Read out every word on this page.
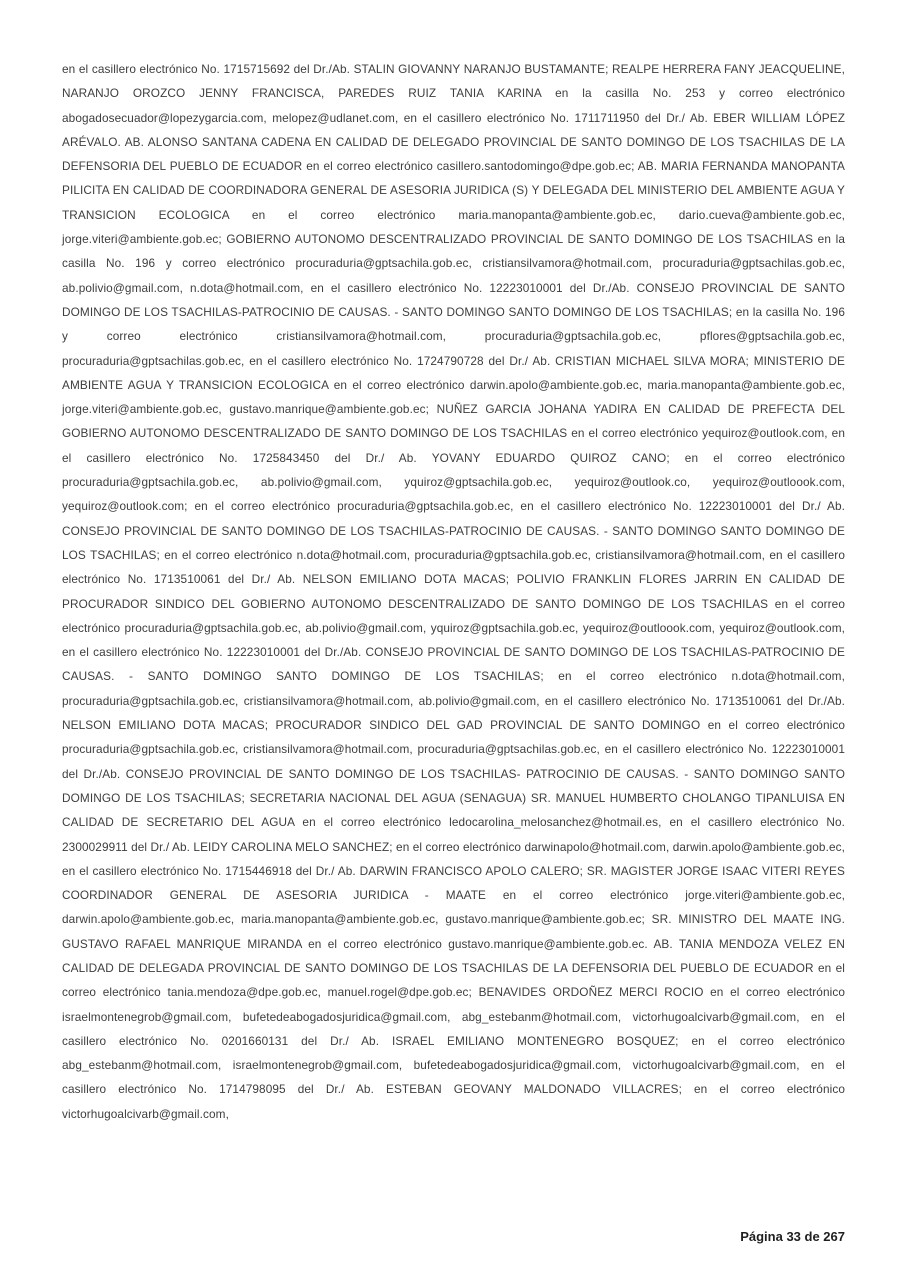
en el casillero electrónico No. 1715715692 del Dr./Ab. STALIN GIOVANNY NARANJO BUSTAMANTE; REALPE HERRERA FANY JEACQUELINE, NARANJO OROZCO JENNY FRANCISCA, PAREDES RUIZ TANIA KARINA en la casilla No. 253 y correo electrónico abogadosecuador@lopezygarcia.com, melopez@udlanet.com, en el casillero electrónico No. 1711711950 del Dr./ Ab. EBER WILLIAM LÓPEZ ARÉVALO. AB. ALONSO SANTANA CADENA EN CALIDAD DE DELEGADO PROVINCIAL DE SANTO DOMINGO DE LOS TSACHILAS DE LA DEFENSORIA DEL PUEBLO DE ECUADOR en el correo electrónico casillero.santodomingo@dpe.gob.ec; AB. MARIA FERNANDA MANOPANTA PILICITA EN CALIDAD DE COORDINADORA GENERAL DE ASESORIA JURIDICA (S) Y DELEGADA DEL MINISTERIO DEL AMBIENTE AGUA Y TRANSICION ECOLOGICA en el correo electrónico maria.manopanta@ambiente.gob.ec, dario.cueva@ambiente.gob.ec, jorge.viteri@ambiente.gob.ec; GOBIERNO AUTONOMO DESCENTRALIZADO PROVINCIAL DE SANTO DOMINGO DE LOS TSACHILAS en la casilla No. 196 y correo electrónico procuraduria@gptsachila.gob.ec, cristiansilvamora@hotmail.com, procuraduria@gptsachilas.gob.ec, ab.polivio@gmail.com, n.dota@hotmail.com, en el casillero electrónico No. 12223010001 del Dr./Ab. CONSEJO PROVINCIAL DE SANTO DOMINGO DE LOS TSACHILAS-PATROCINIO DE CAUSAS. - SANTO DOMINGO SANTO DOMINGO DE LOS TSACHILAS; en la casilla No. 196 y correo electrónico cristiansilvamora@hotmail.com, procuraduria@gptsachila.gob.ec, pflores@gptsachila.gob.ec, procuraduria@gptsachilas.gob.ec, en el casillero electrónico No. 1724790728 del Dr./ Ab. CRISTIAN MICHAEL SILVA MORA; MINISTERIO DE AMBIENTE AGUA Y TRANSICION ECOLOGICA en el correo electrónico darwin.apolo@ambiente.gob.ec, maria.manopanta@ambiente.gob.ec, jorge.viteri@ambiente.gob.ec, gustavo.manrique@ambiente.gob.ec; NUÑEZ GARCIA JOHANA YADIRA EN CALIDAD DE PREFECTA DEL GOBIERNO AUTONOMO DESCENTRALIZADO DE SANTO DOMINGO DE LOS TSACHILAS en el correo electrónico yequiroz@outlook.com, en el casillero electrónico No. 1725843450 del Dr./ Ab. YOVANY EDUARDO QUIROZ CANO; en el correo electrónico procuraduria@gptsachila.gob.ec, ab.polivio@gmail.com, yquiroz@gptsachila.gob.ec, yequiroz@outlook.co, yequiroz@outloook.com, yequiroz@outlook.com; en el correo electrónico procuraduria@gptsachila.gob.ec, en el casillero electrónico No. 12223010001 del Dr./ Ab. CONSEJO PROVINCIAL DE SANTO DOMINGO DE LOS TSACHILAS-PATROCINIO DE CAUSAS. - SANTO DOMINGO SANTO DOMINGO DE LOS TSACHILAS; en el correo electrónico n.dota@hotmail.com, procuraduria@gptsachila.gob.ec, cristiansilvamora@hotmail.com, en el casillero electrónico No. 1713510061 del Dr./ Ab. NELSON EMILIANO DOTA MACAS; POLIVIO FRANKLIN FLORES JARRIN EN CALIDAD DE PROCURADOR SINDICO DEL GOBIERNO AUTONOMO DESCENTRALIZADO DE SANTO DOMINGO DE LOS TSACHILAS en el correo electrónico procuraduria@gptsachila.gob.ec, ab.polivio@gmail.com, yquiroz@gptsachila.gob.ec, yequiroz@outloook.com, yequiroz@outlook.com, en el casillero electrónico No. 12223010001 del Dr./Ab. CONSEJO PROVINCIAL DE SANTO DOMINGO DE LOS TSACHILAS-PATROCINIO DE CAUSAS. - SANTO DOMINGO SANTO DOMINGO DE LOS TSACHILAS; en el correo electrónico n.dota@hotmail.com, procuraduria@gptsachila.gob.ec, cristiansilvamora@hotmail.com, ab.polivio@gmail.com, en el casillero electrónico No. 1713510061 del Dr./Ab. NELSON EMILIANO DOTA MACAS; PROCURADOR SINDICO DEL GAD PROVINCIAL DE SANTO DOMINGO en el correo electrónico procuraduria@gptsachila.gob.ec, cristiansilvamora@hotmail.com, procuraduria@gptsachilas.gob.ec, en el casillero electrónico No. 12223010001 del Dr./Ab. CONSEJO PROVINCIAL DE SANTO DOMINGO DE LOS TSACHILAS- PATROCINIO DE CAUSAS. - SANTO DOMINGO SANTO DOMINGO DE LOS TSACHILAS; SECRETARIA NACIONAL DEL AGUA (SENAGUA) SR. MANUEL HUMBERTO CHOLANGO TIPANLUISA EN CALIDAD DE SECRETARIO DEL AGUA en el correo electrónico ledocarolina_melosanchez@hotmail.es, en el casillero electrónico No. 2300029911 del Dr./ Ab. LEIDY CAROLINA MELO SANCHEZ; en el correo electrónico darwinapolo@hotmail.com, darwin.apolo@ambiente.gob.ec, en el casillero electrónico No. 1715446918 del Dr./ Ab. DARWIN FRANCISCO APOLO CALERO; SR. MAGISTER JORGE ISAAC VITERI REYES COORDINADOR GENERAL DE ASESORIA JURIDICA - MAATE en el correo electrónico jorge.viteri@ambiente.gob.ec, darwin.apolo@ambiente.gob.ec, maria.manopanta@ambiente.gob.ec, gustavo.manrique@ambiente.gob.ec; SR. MINISTRO DEL MAATE ING. GUSTAVO RAFAEL MANRIQUE MIRANDA en el correo electrónico gustavo.manrique@ambiente.gob.ec. AB. TANIA MENDOZA VELEZ EN CALIDAD DE DELEGADA PROVINCIAL DE SANTO DOMINGO DE LOS TSACHILAS DE LA DEFENSORIA DEL PUEBLO DE ECUADOR en el correo electrónico tania.mendoza@dpe.gob.ec, manuel.rogel@dpe.gob.ec; BENAVIDES ORDOÑEZ MERCI ROCIO en el correo electrónico israelmontenegrob@gmail.com, bufetedeabogadosjuridica@gmail.com, abg_estebanm@hotmail.com, victorhugoalcivarb@gmail.com, en el casillero electrónico No. 0201660131 del Dr./ Ab. ISRAEL EMILIANO MONTENEGRO BOSQUEZ; en el correo electrónico abg_estebanm@hotmail.com, israelmontenegrob@gmail.com, bufetedeabogadosjuridica@gmail.com, victorhugoalcivarb@gmail.com, en el casillero electrónico No. 1714798095 del Dr./ Ab. ESTEBAN GEOVANY MALDONADO VILLACRES; en el correo electrónico victorhugoalcivarb@gmail.com,

Página 33 de 267
